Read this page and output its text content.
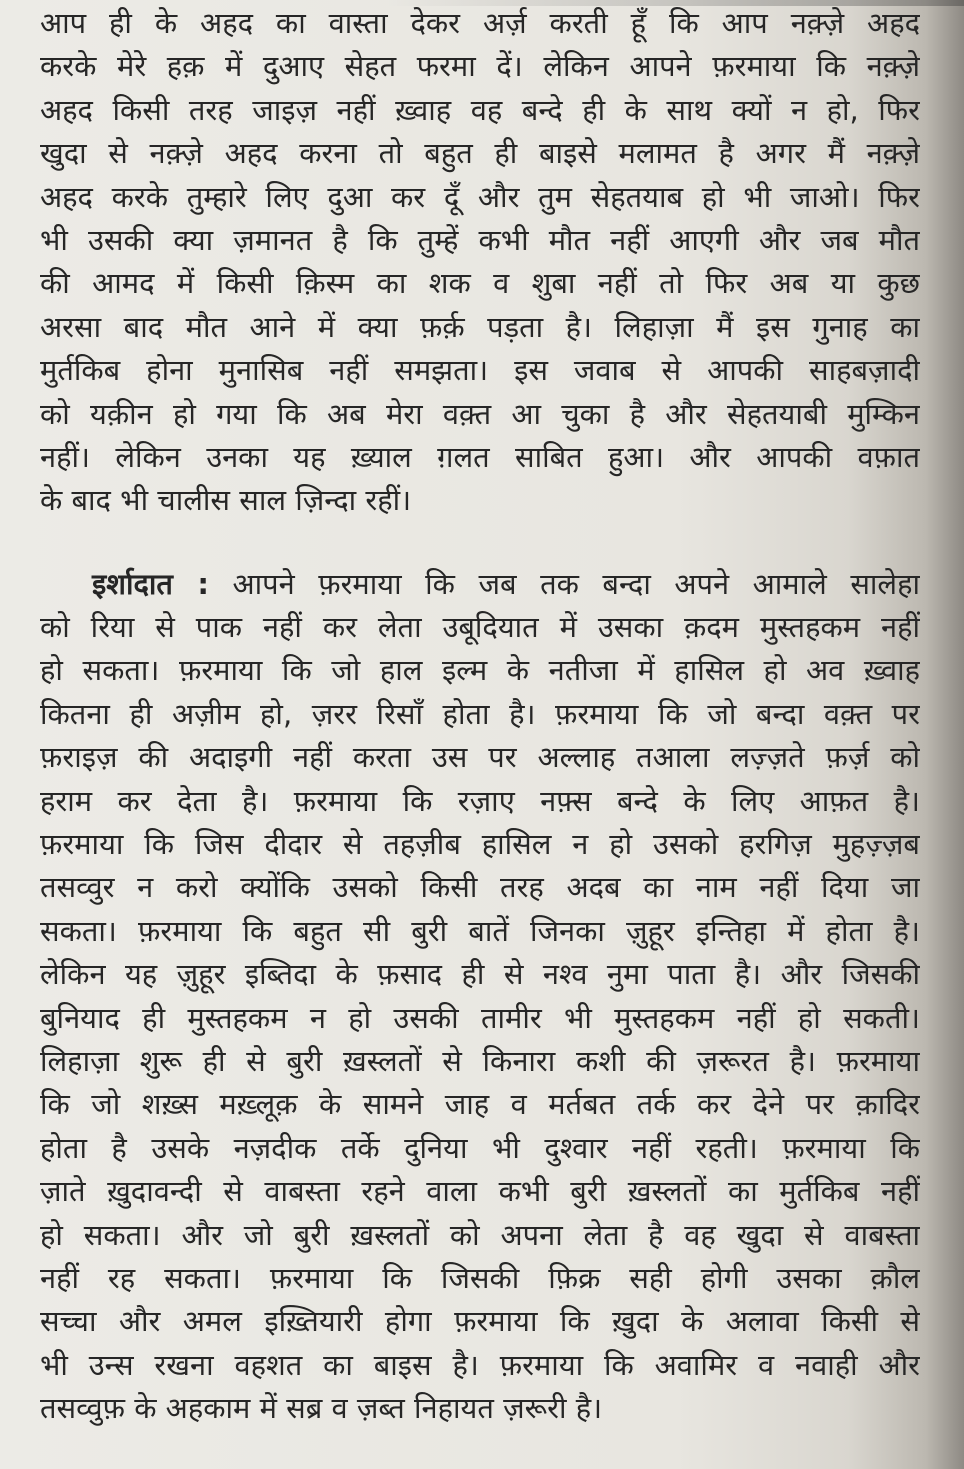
आप ही के अहद का वास्ता देकर अर्ज़ करती हूँ कि आप नक़्ज़े अहद
करके मेरे हक़ में दुआए सेहत फरमा दें। लेकिन आपने फ़रमाया कि नक़्ज़े
अहद किसी तरह जाइज़ नहीं ख़्वाह वह बन्दे ही के साथ क्यों न हो, फिर
खुदा से नक़्ज़े अहद करना तो बहुत ही बाइसे मलामत है अगर मैं नक़्ज़े
अहद करके तुम्हारे लिए दुआ कर दूँ और तुम सेहतयाब हो भी जाओ। फिर
भी उसकी क्या ज़मानत है कि तुम्हें कभी मौत नहीं आएगी और जब मौत
की आमद में किसी क़िस्म का शक व शुबा नहीं तो फिर अब या कुछ
अरसा बाद मौत आने में क्या फ़र्क़ पड़ता है। लिहाज़ा मैं इस गुनाह का
मुर्तकिब होना मुनासिब नहीं समझता। इस जवाब से आपकी साहबज़ादी
को यक़ीन हो गया कि अब मेरा वक़्त आ चुका है और सेहतयाबी मुम्किन
नहीं। लेकिन उनका यह ख़्याल ग़लत साबित हुआ। और आपकी वफ़ात
के बाद भी चालीस साल ज़िन्दा रहीं।
इर्शादात : आपने फ़रमाया कि जब तक बन्दा अपने आमाले सालेहा
को रिया से पाक नहीं कर लेता उबूदियात में उसका क़दम मुस्तहकम नहीं
हो सकता। फ़रमाया कि जो हाल इल्म के नतीजा में हासिल हो अव ख़्वाह
कितना ही अज़ीम हो, ज़रर रिसाँ होता है। फ़रमाया कि जो बन्दा वक़्त पर
फ़राइज़ की अदाइगी नहीं करता उस पर अल्लाह तआला लज़्ज़ते फ़र्ज़ को
हराम कर देता है। फ़रमाया कि रज़ाए नफ़्स बन्दे के लिए आफ़त है।
फ़रमाया कि जिस दीदार से तहज़ीब हासिल न हो उसको हरगिज़ मुहज़्ज़ब
तसव्वुर न करो क्योंकि उसको किसी तरह अदब का नाम नहीं दिया जा
सकता। फ़रमाया कि बहुत सी बुरी बातें जिनका ज़ुहूर इन्तिहा में होता है।
लेकिन यह ज़ुहूर इब्तिदा के फ़साद ही से नश्व नुमा पाता है। और जिसकी
बुनियाद ही मुस्तहकम न हो उसकी तामीर भी मुस्तहकम नहीं हो सकती।
लिहाज़ा शुरू ही से बुरी ख़स्लतों से किनारा कशी की ज़रूरत है। फ़रमाया
कि जो शख़्स मख़्लूक़ के सामने जाह व मर्तबत तर्क कर देने पर क़ादिर
होता है उसके नज़दीक तर्के दुनिया भी दुश्वार नहीं रहती। फ़रमाया कि
ज़ाते ख़ुदावन्दी से वाबस्ता रहने वाला कभी बुरी ख़स्लतों का मुर्तकिब नहीं
हो सकता। और जो बुरी ख़स्लतों को अपना लेता है वह खुदा से वाबस्ता
नहीं रह सकता। फ़रमाया कि जिसकी फ़िक्र सही होगी उसका क़ौल
सच्चा और अमल इख़्तियारी होगा फ़रमाया कि ख़ुदा के अलावा किसी से
भी उन्स रखना वहशत का बाइस है। फ़रमाया कि अवामिर व नवाही और
तसव्वुफ़ के अहकाम में सब्र व ज़ब्त निहायत ज़रूरी है।
